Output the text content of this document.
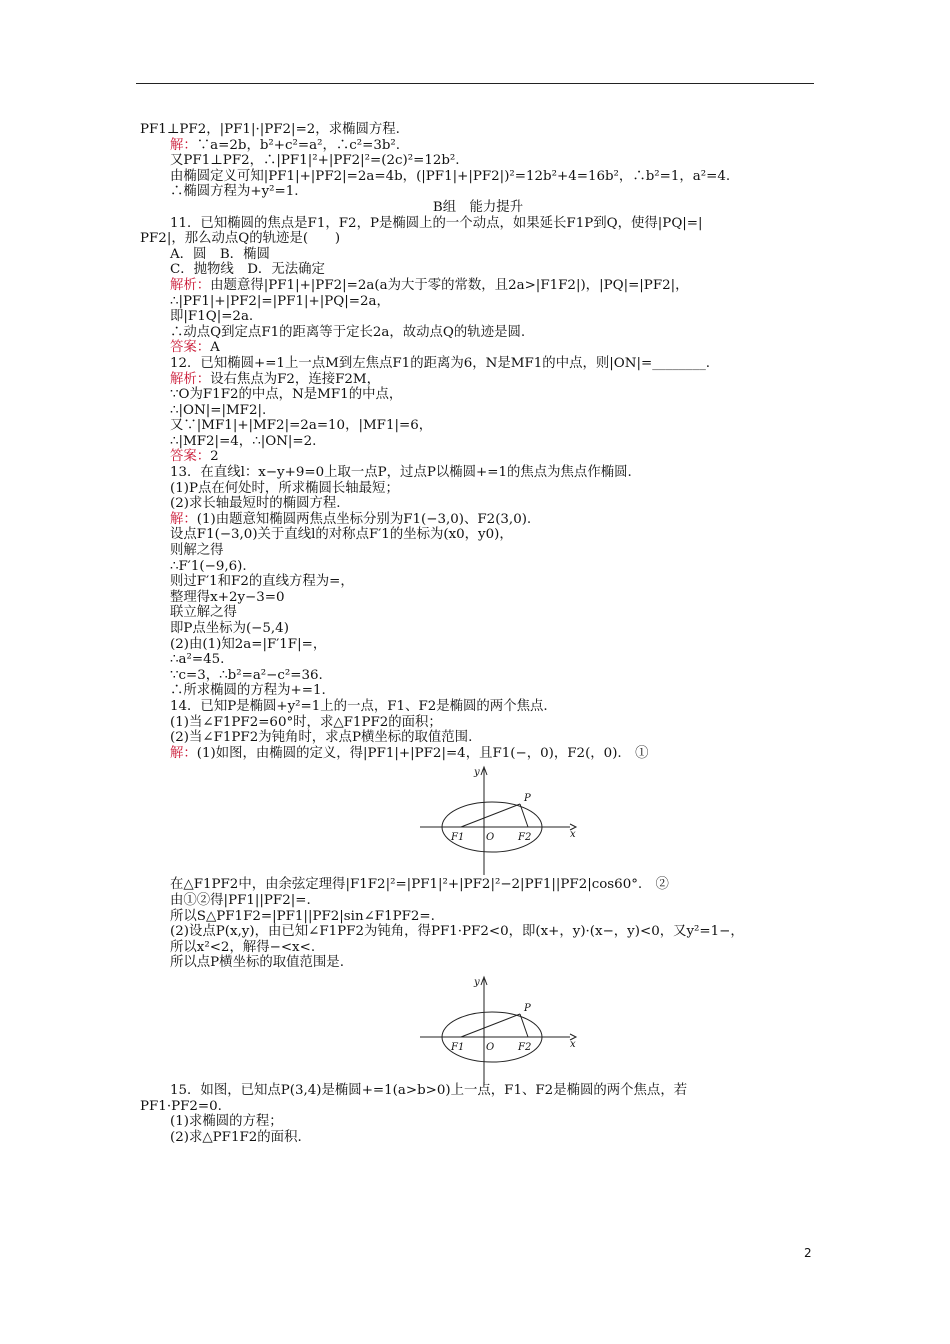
PF1⊥PF2，|PF1|·|PF2|=2，求椭圆方程.
解：∵a=2b，b²+c²=a²，∴c²=3b².
又PF1⊥PF2，∴|PF1|²+|PF2|²=(2c)²=12b².
由椭圆定义可知|PF1|+|PF2|=2a=4b，(|PF1|+|PF2|)²=12b²+4=16b²，∴b²=1，a²=4.
∴椭圆方程为+y²=1.
B组　能力提升
11．已知椭圆的焦点是F1，F2，P是椭圆上的一个动点，如果延长F1P到Q，使得|PQ|=|
PF2|，那么动点Q的轨迹是(　　)
A．圆　B．椭圆
C．抛物线　D．无法确定
解析：由题意得|PF1|+|PF2|=2a(a为大于零的常数，且2a>|F1F2|)，|PQ|=|PF2|，
∴|PF1|+|PF2|=|PF1|+|PQ|=2a，
即|F1Q|=2a.
∴动点Q到定点F1的距离等于定长2a，故动点Q的轨迹是圆.
答案：A
12．已知椭圆+=1上一点M到左焦点F1的距离为6，N是MF1的中点，则|ON|=________.
解析：设右焦点为F2，连接F2M，
∵O为F1F2的中点，N是MF1的中点，
∴|ON|=|MF2|.
又∵|MF1|+|MF2|=2a=10，|MF1|=6，
∴|MF2|=4，∴|ON|=2.
答案：2
13．在直线l：x−y+9=0上取一点P，过点P以椭圆+=1的焦点为焦点作椭圆.
(1)P点在何处时，所求椭圆长轴最短；
(2)求长轴最短时的椭圆方程.
解：(1)由题意知椭圆两焦点坐标分别为F1(−3,0)、F2(3,0).
设点F1(−3,0)关于直线l的对称点F′1的坐标为(x0，y0)，
则解之得
∴F′1(−9,6).
则过F′1和F2的直线方程为=，
整理得x+2y−3=0
联立解之得
即P点坐标为(−5,4)
(2)由(1)知2a=|F′1F|=，
∴a²=45.
∵c=3，∴b²=a²−c²=36.
∴所求椭圆的方程为+=1.
14．已知P是椭圆+y²=1上的一点，F1、F2是椭圆的两个焦点.
(1)当∠F1PF2=60°时，求△F1PF2的面积；
(2)当∠F1PF2为钝角时，求点P横坐标的取值范围.
解：(1)如图，由椭圆的定义，得|PF1|+|PF2|=4，且F1(−，0)，F2(，0).　①
y
x
F1 O F2
P
在△F1PF2中，由余弦定理得|F1F2|²=|PF1|²+|PF2|²−2|PF1||PF2|cos60°.　②
由①②得|PF1||PF2|=.
所以S△PF1F2=|PF1||PF2|sin∠F1PF2=.
(2)设点P(x,y)，由已知∠F1PF2为钝角，得PF1·PF2<0，即(x+，y)·(x−，y)<0，又y²=1−，
所以x²<2，解得−<x<.
所以点P横坐标的取值范围是.
y
x
F1 O F2
P
15．如图，已知点P(3,4)是椭圆+=1(a>b>0)上一点，F1、F2是椭圆的两个焦点，若
PF1·PF2=0.
(1)求椭圆的方程；
(2)求△PF1F2的面积.
2
